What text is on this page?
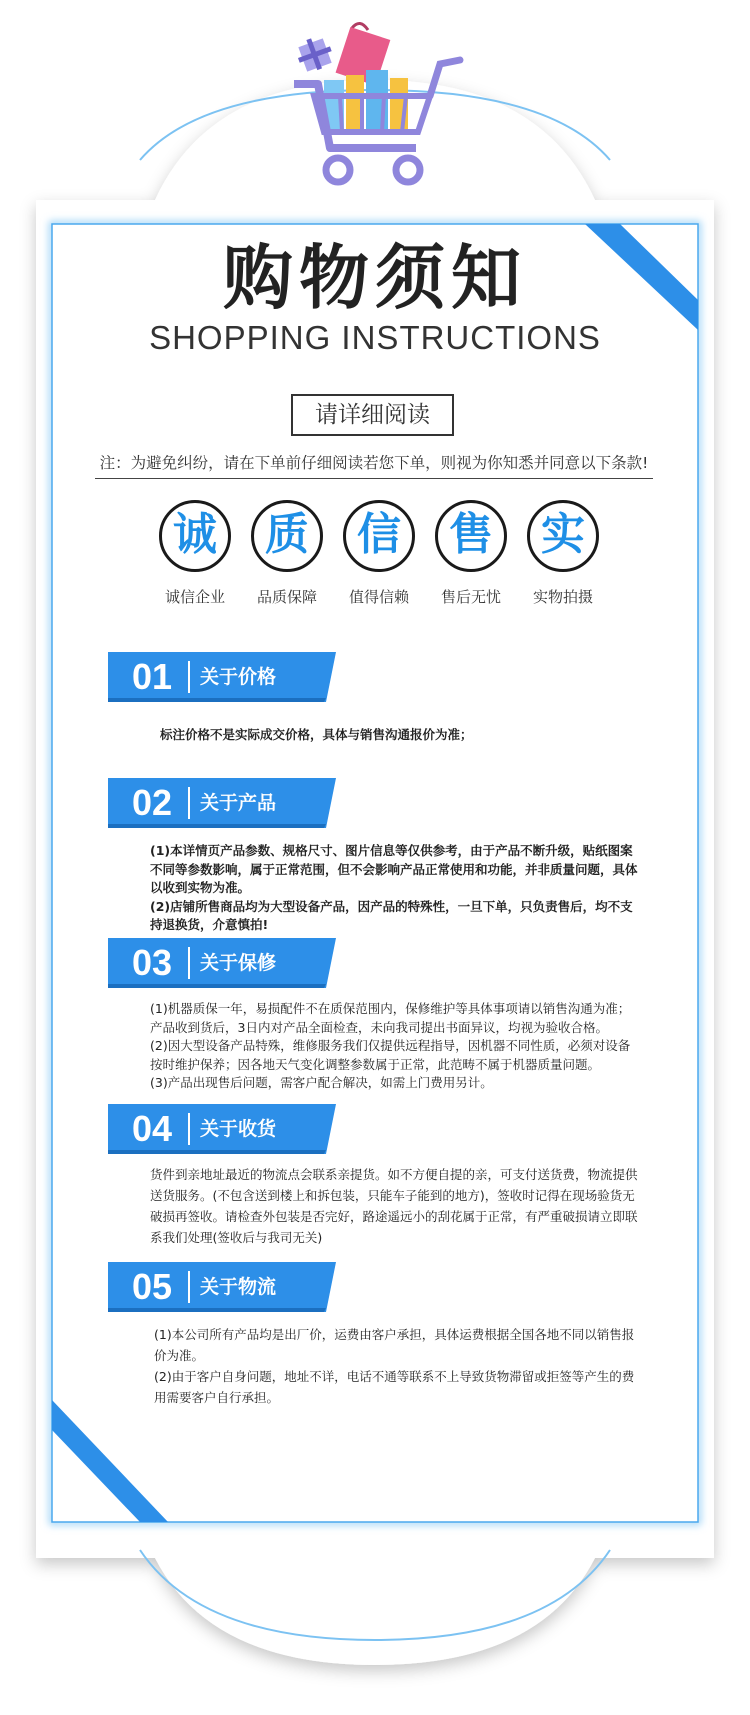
购物须知
SHOPPING INSTRUCTIONS
请详细阅读
注：为避免纠纷，请在下单前仔细阅读若您下单，则视为你知悉并同意以下条款!
诚
诚信企业
质
品质保障
信
值得信赖
售
售后无忧
实
实物拍摄
01 关于价格

标注价格不是实际成交价格，具体与销售沟通报价为准；

02 关于产品

(1)本详情页产品参数、规格尺寸、图片信息等仅供参考，由于产品不断升级，贴纸图案不同等参数影响，属于正常范围，但不会影响产品正常使用和功能，并非质量问题，具体以收到实物为准。

(2)店铺所售商品均为大型设备产品，因产品的特殊性，一旦下单，只负责售后，均不支持退换货，介意慎拍!

03 关于保修

(1)机器质保一年，易损配件不在质保范围内，保修维护等具体事项请以销售沟通为准；产品收到货后，3日内对产品全面检查，未向我司提出书面异议，均视为验收合格。

(2)因大型设备产品特殊，维修服务我们仅提供远程指导，因机器不同性质，必须对设备按时维护保养；因各地天气变化调整参数属于正常，此范畴不属于机器质量问题。

(3)产品出现售后问题，需客户配合解决，如需上门费用另计。

04 关于收货

货件到亲地址最近的物流点会联系亲提货。如不方便自提的亲，可支付送货费，物流提供送货服务。(不包含送到楼上和拆包装，只能车子能到的地方)，签收时记得在现场验货无破损再签收。请检查外包装是否完好，路途遥远小的刮花属于正常，有严重破损请立即联系我们处理(签收后与我司无关)

05 关于物流

(1)本公司所有产品均是出厂价，运费由客户承担，具体运费根据全国各地不同以销售报价为准。

(2)由于客户自身问题，地址不详，电话不通等联系不上导致货物滞留或拒签等产生的费用需要客户自行承担。
